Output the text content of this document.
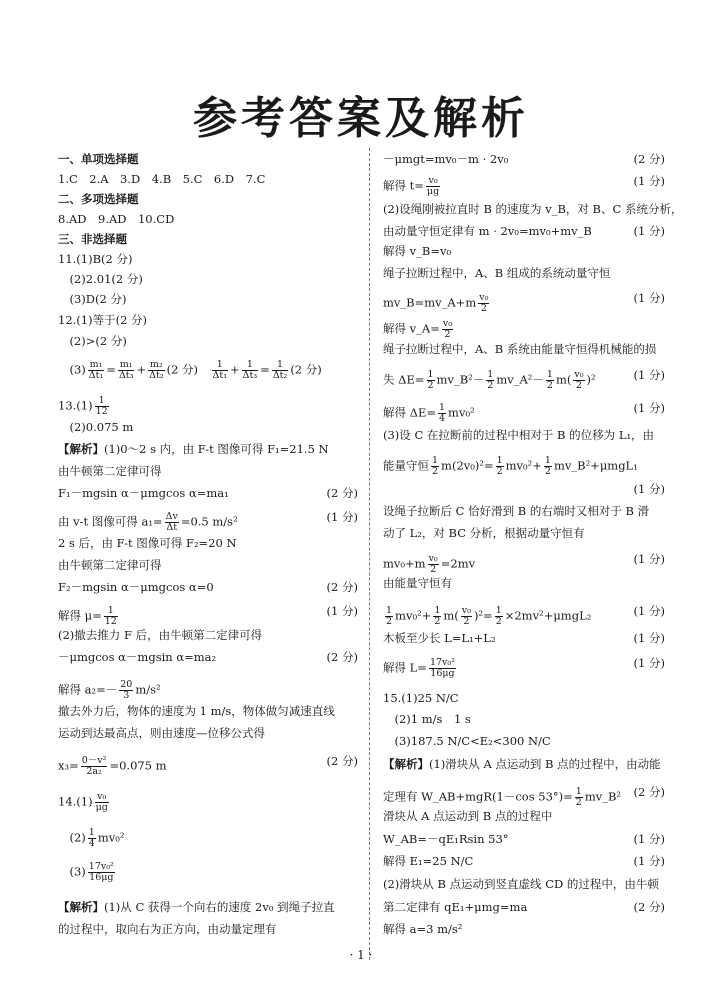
参考答案及解析
一、单项选择题
1.C　2.A　3.D　4.B　5.C　6.D　7.C
二、多项选择题
8.AD　9.AD　10.CD
三、非选择题
11.(1)B(2 分)
　(2)2.01(2 分)
　(3)D(2 分)
12.(1)等于(2 分)
　(2)>(2 分)
　$(3) \frac{\text{m₁}}{\text{Δt₁}} = \frac{\text{m₁}}{\text{Δt₃}} + \frac{\text{m₂}}{\text{Δt₂}} (2$ 分)　 $\frac{1}{\text{Δt₁}} + \frac{1}{\text{Δt₃}} = \frac{1}{\text{Δt₂}} (2$ 分)
$13.(1) \frac{1}{12}$
　(2)0.075 m
【解析】(1)0～2 s 内，由 F-t 图像可得 F₁=21.5 N
由牛顿第二定律可得
F₁－mgsin α－μmgcos α=ma₁	(2 分)
由 v-t 图像可得 $a_1= \frac{\Delta v}{\Delta t} =0.5$ m/s²	(1 分)
2 s 后，由 F-t 图像可得 F₂=20 N
由牛顿第二定律可得
F₂－mgsin α－μmgcos α=0	(2 分)
解得 $\mu= \frac{1}{12}$	(1 分)
(2)撤去推力 F 后，由牛顿第二定律可得
－μmgcos α－mgsin α=ma₂	(2 分)
解得 $a_2=- \frac{20}{3} m/s^2$
撤去外力后，物体的速度为 1 m/s，物体做匀减速直线
运动到达最高点，则由速度—位移公式得
$x_3= \frac{\text{0－v²}}{\text{2a₂}} =0.075$ m	(2 分)
$14.(1) \frac{\text{v₀}}{\mu g}$
　$(2) \frac{1}{4} mv_0^2$
　$(3) \frac{\text{17v₀²}}{16\mu g}$
【解析】(1)从 C 获得一个向右的速度 2v₀ 到绳子拉直
的过程中，取向右为正方向，由动量定理有
－μmgt=mv₀－m · 2v₀	(2 分)
解得 $t= \frac{\text{v₀}}{\mu g}$	(1 分)
(2)设绳刚被拉直时 B 的速度为 v_B，对 B、C 系统分析，
由动量守恒定律有 m · 2v₀=mv₀+mv_B	(1 分)
解得 v_B=v₀
绳子拉断过程中，A、B 组成的系统动量守恒
mv_B=mv_A+m $\frac{\text{v₀}}{2}$	(1 分)
解得 v_A= $\frac{\text{v₀}}{2}$
绳子拉断过程中，A、B 系统由能量守恒得机械能的损
失 $\Delta E= \frac{1}{2}$ mv_B²－ $\frac{1}{2}$ mv_A²－ $\frac{1}{2} m( \frac{\text{v₀}}{2} )^2$	(1 分)
解得 $\Delta E= \frac{1}{4} mv_0^2$	(1 分)
(3)设 C 在拉断前的过程中相对于 B 的位移为 L₁，由
能量守恒 $\frac{1}{2} m(2v_0)^2= \frac{1}{2} mv_0^2+ \frac{1}{2}$ mv_B²+μmgL₁
(1 分)
设绳子拉断后 C 恰好滑到 B 的右端时又相对于 B 滑
动了 L₂，对 BC 分析，根据动量守恒有
$mv_0+m \frac{\text{v₀}}{2} =2mv$	(1 分)
由能量守恒有
$\frac{1}{2} mv_0^2+ \frac{1}{2} m( \frac{\text{v₀}}{2} )^2= \frac{1}{2} \times 2mv^2+\mu mgL_2$	(1 分)
木板至少长 L=L₁+L₂	(1 分)
解得 $L= \frac{\text{17v₀²}}{16\mu g}$	(1 分)
15.(1)25 N/C
　(2)1 m/s　1 s
　(3)187.5 N/C<E₂<300 N/C
【解析】(1)滑块从 A 点运动到 B 点的过程中，由动能
定理有 W_AB+mgR(1－cos $53^\circ)= \frac{1}{2}$ mv_B² (2 分)
滑块从 A 点运动到 B 点的过程中
W_AB=－qE₁Rsin 53°	(1 分)
解得 E₁=25 N/C	(1 分)
(2)滑块从 B 点运动到竖直虚线 CD 的过程中，由牛顿
第二定律有 qE₁+μmg=ma	(2 分)
解得 a=3 m/s²
· 1 ·
